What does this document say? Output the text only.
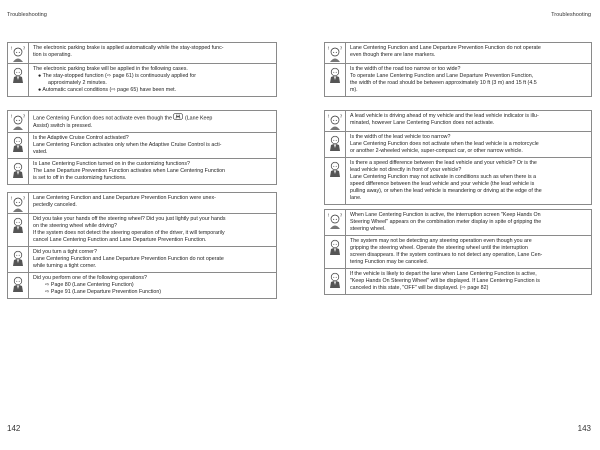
Troubleshooting
The electronic parking brake is applied automatically while the stay-stopped func-
tion is operating.
The electronic parking brake will be applied in the following cases.
● The stay-stopped function (⇨ page 61) is continuously applied for
approximately 2 minutes.
● Automatic cancel conditions (⇨ page 65) have been met.
Lane Centering Function does not activate even though the (Lane Keep
Assist) switch is pressed.
Is the Adaptive Cruise Control activated?
Lane Centering Function activates only when the Adaptive Cruise Control is acti-
vated.
Is Lane Centering Function turned on in the customizing functions?
The Lane Departure Prevention Function activates when Lane Centering Function
is set to off in the customizing functions.
Lane Centering Function and Lane Departure Prevention Function were unex-
pectedly canceled.
Did you take your hands off the steering wheel? Did you just lightly put your hands
on the steering wheel while driving?
If the system does not detect the steering operation of the driver, it will temporarily
cancel Lane Centering Function and Lane Departure Prevention Function.
Did you turn a tight corner?
Lane Centering Function and Lane Departure Prevention Function do not operate
while turning a tight corner.
Did you perform one of the following operations?
⇨ Page 80 (Lane Centering Function)
⇨ Page 91 (Lane Departure Prevention Function)
142
Troubleshooting
Lane Centering Function and Lane Departure Prevention Function do not operate
even though there are lane markers.
Is the width of the road too narrow or too wide?
To operate Lane Centering Function and Lane Departure Prevention Function,
the width of the road should be between approximately 10 ft (3 m) and 15 ft (4.5
m).
A lead vehicle is driving ahead of my vehicle and the lead vehicle indicator is illu-
minated, however Lane Centering Function does not activate.
Is the width of the lead vehicle too narrow?
Lane Centering Function does not activate when the lead vehicle is a motorcycle
or another 2-wheeled vehicle, super-compact car, or other narrow vehicle.
Is there a speed difference between the lead vehicle and your vehicle? Or is the
lead vehicle not directly in front of your vehicle?
Lane Centering Function may not activate in conditions such as when there is a
speed difference between the lead vehicle and your vehicle (the lead vehicle is
pulling away), or when the lead vehicle is meandering or driving at the edge of the
lane.
When Lane Centering Function is active, the interruption screen "Keep Hands On
Steering Wheel" appears on the combination meter display in spite of gripping the
steering wheel.
The system may not be detecting any steering operation even though you are
gripping the steering wheel. Operate the steering wheel until the interruption
screen disappears. If the system continues to not detect any operation, Lane Cen-
tering Function may be canceled.
If the vehicle is likely to depart the lane when Lane Centering Function is active,
"Keep Hands On Steering Wheel" will be displayed. If Lane Centering Function is
canceled in this state, "OFF" will be displayed. (⇨ page 82)
143
